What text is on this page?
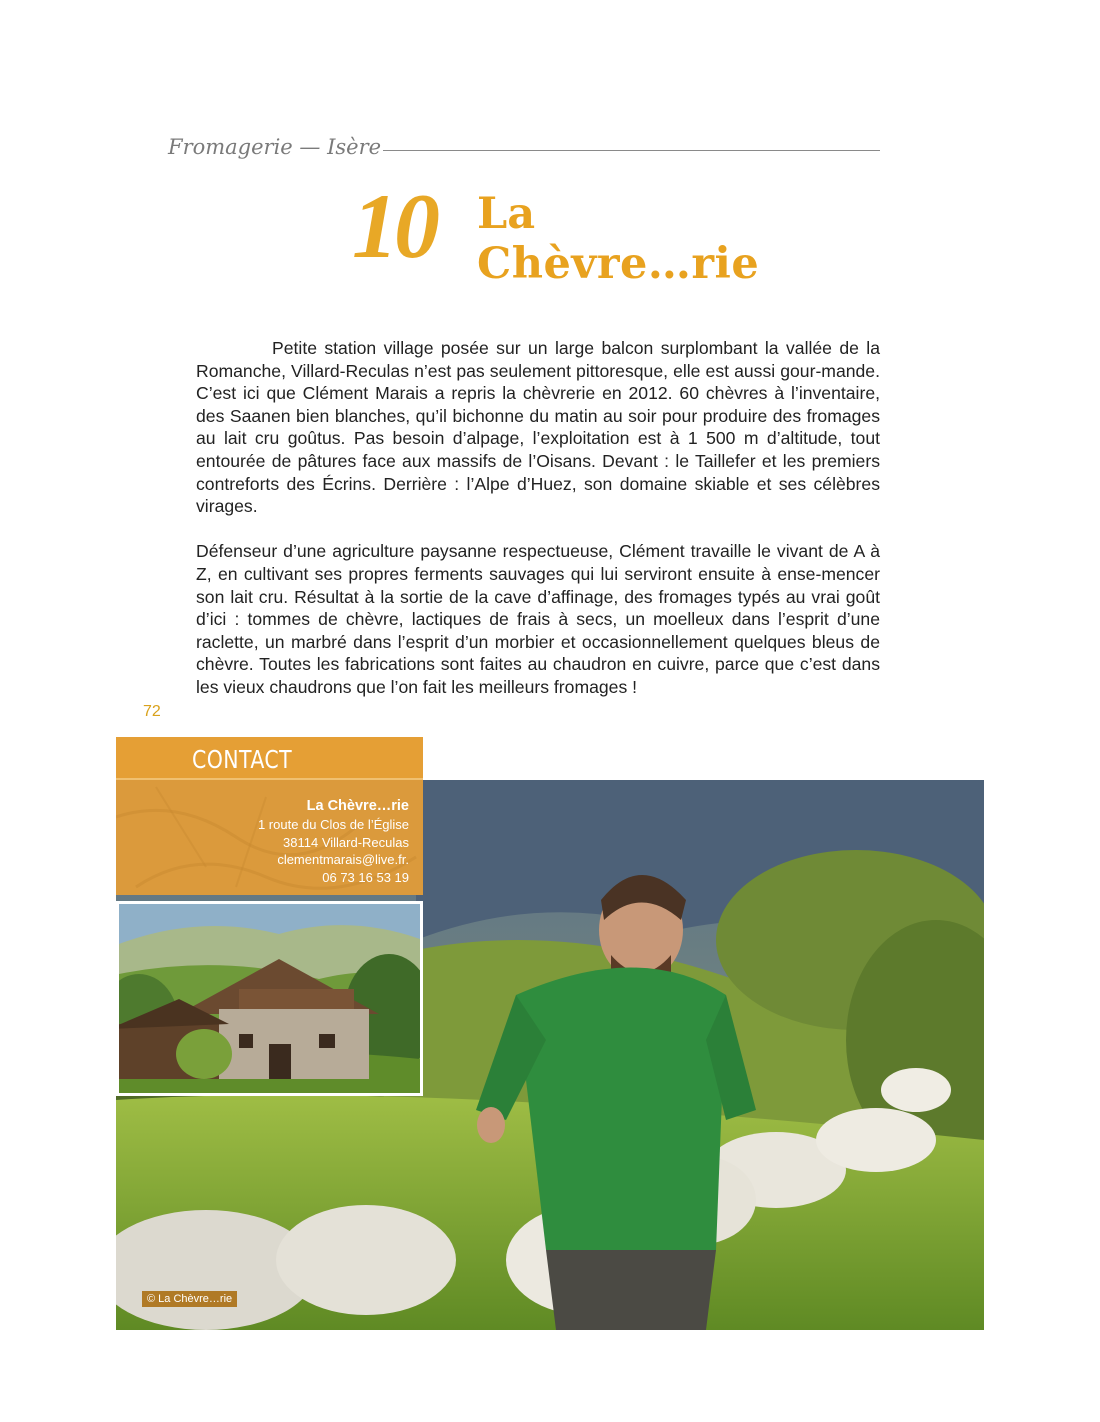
Fromagerie — Isère
10 La
Chèvre…rie

Petite station village posée sur un large balcon surplombant la vallée de la Romanche, Villard-Reculas n’est pas seulement pittoresque, elle est aussi gour-mande. C’est ici que Clément Marais a repris la chèvrerie en 2012. 60 chèvres à l’inventaire, des Saanen bien blanches, qu’il bichonne du matin au soir pour produire des fromages au lait cru goûtus. Pas besoin d’alpage, l’exploitation est à 1 500 m d’altitude, tout entourée de pâtures face aux massifs de l’Oisans. Devant : le Taillefer et les premiers contreforts des Écrins. Derrière : l’Alpe d’Huez, son domaine skiable et ses célèbres virages.

Défenseur d’une agriculture paysanne respectueuse, Clément travaille le vivant de A à Z, en cultivant ses propres ferments sauvages qui lui serviront ensuite à ense-mencer son lait cru. Résultat à la sortie de la cave d’affinage, des fromages typés au vrai goût d’ici : tommes de chèvre, lactiques de frais à secs, un moelleux dans l’esprit d’une raclette, un marbré dans l’esprit d’un morbier et occasionnellement quelques bleus de chèvre. Toutes les fabrications sont faites au chaudron en cuivre, parce que c’est dans les vieux chaudrons que l’on fait les meilleurs fromages !

72
© La Chèvre…rie
CONTACT
La Chèvre…rie
1 route du Clos de l’Église
38114 Villard-Reculas
clementmarais@live.fr.
06 73 16 53 19
